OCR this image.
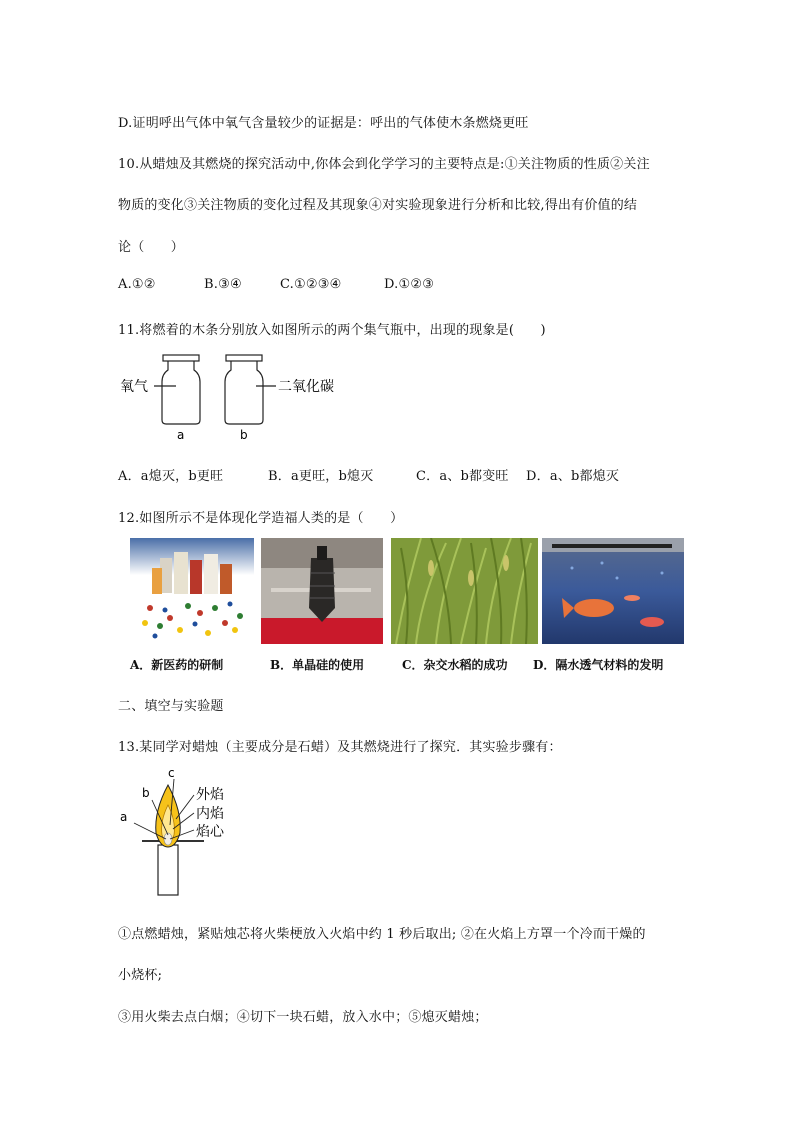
D.证明呼出气体中氧气含量较少的证据是：呼出的气体使木条燃烧更旺
10.从蜡烛及其燃烧的探究活动中,你体会到化学学习的主要特点是:①关注物质的性质②关注
物质的变化③关注物质的变化过程及其现象④对实验现象进行分析和比较,得出有价值的结
论（　　）
A.①②	B.③④	C.①②③④	D.①②③
11.将燃着的木条分别放入如图所示的两个集气瓶中，出现的现象是(　　)
氧气	二氧化碳
a	b
A．a熄灭，b更旺	B．a更旺，b熄灭	C．a、b都变旺 D．a、b都熄灭
12.如图所示不是体现化学造福人类的是（　　）
A．新医药的研制	B．单晶硅的使用	C．杂交水稻的成功 D．隔水透气材料的发明
二、填空与实验题
13.某同学对蜡烛（主要成分是石蜡）及其燃烧进行了探究．其实验步骤有：
a
b
c
外焰
内焰
焰心
①点燃蜡烛，紧贴烛芯将火柴梗放入火焰中约 1 秒后取出; ②在火焰上方罩一个冷而干燥的
小烧杯;
③用火柴去点白烟；④切下一块石蜡，放入水中；⑤熄灭蜡烛；
